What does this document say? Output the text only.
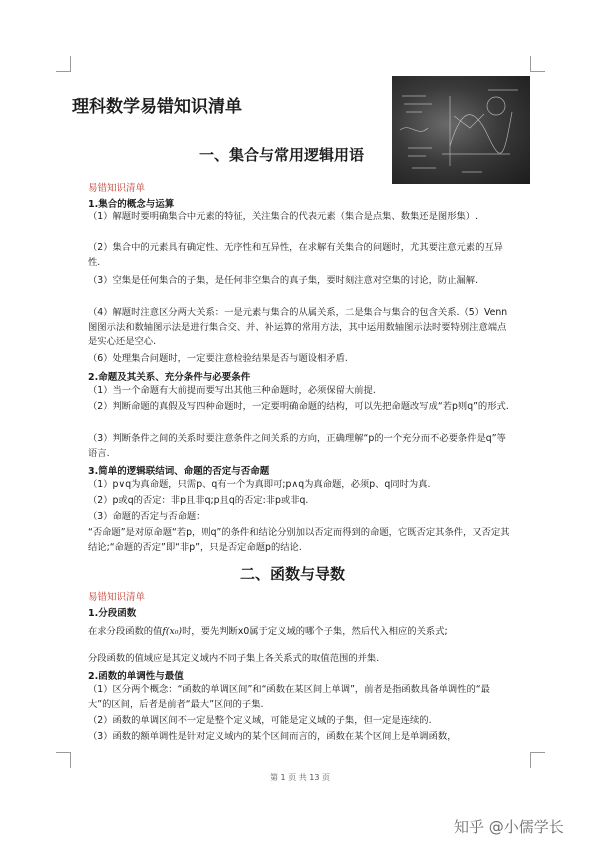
理科数学易错知识清单
一、集合与常用逻辑用语
易错知识清单
1.集合的概念与运算
（1）解题时要明确集合中元素的特征，关注集合的代表元素（集合是点集、数集还是图形集）.
（2）集合中的元素具有确定性、无序性和互异性，在求解有关集合的问题时，尤其要注意元素的互异性.
（3）空集是任何集合的子集，是任何非空集合的真子集，要时刻注意对空集的讨论，防止漏解.
（4）解题时注意区分两大关系：一是元素与集合的从属关系，二是集合与集合的包含关系.（5）Venn图图示法和数轴图示法是进行集合交、并、补运算的常用方法，其中运用数轴图示法时要特别注意端点是实心还是空心.
（6）处理集合问题时，一定要注意检验结果是否与题设相矛盾.
2.命题及其关系、充分条件与必要条件
（1）当一个命题有大前提而要写出其他三种命题时，必须保留大前提.
（2）判断命题的真假及写四种命题时，一定要明确命题的结构，可以先把命题改写成“若p则q”的形式.
（3）判断条件之间的关系时要注意条件之间关系的方向，正确理解“p的一个充分而不必要条件是q”等语言.
3.简单的逻辑联结词、命题的否定与否命题
（1）p∨q为真命题，只需p、q有一个为真即可;p∧q为真命题，必须p、q同时为真.
（2）p或q的否定：非p且非q;p且q的否定:非p或非q.
（3）命题的否定与否命题：
“否命题”是对原命题“若p，则q”的条件和结论分别加以否定而得到的命题，它既否定其条件，又否定其结论;“命题的否定”即“非p”，只是否定命题p的结论.
二、函数与导数
易错知识清单
1.分段函数
在求分段函数的值f(x₀)时，要先判断x0属于定义域的哪个子集，然后代入相应的关系式;
分段函数的值域应是其定义域内不同子集上各关系式的取值范围的并集.
2.函数的单调性与最值
（1）区分两个概念：“函数的单调区间”和“函数在某区间上单调”，前者是指函数具备单调性的“最大”的区间，后者是前者“最大”区间的子集.
（2）函数的单调区间不一定是整个定义域，可能是定义域的子集，但一定是连续的.
（3）函数的额单调性是针对定义域内的某个区间而言的，函数在某个区间上是单调函数，
第 1 页 共 13 页
知乎 @小儒学长
